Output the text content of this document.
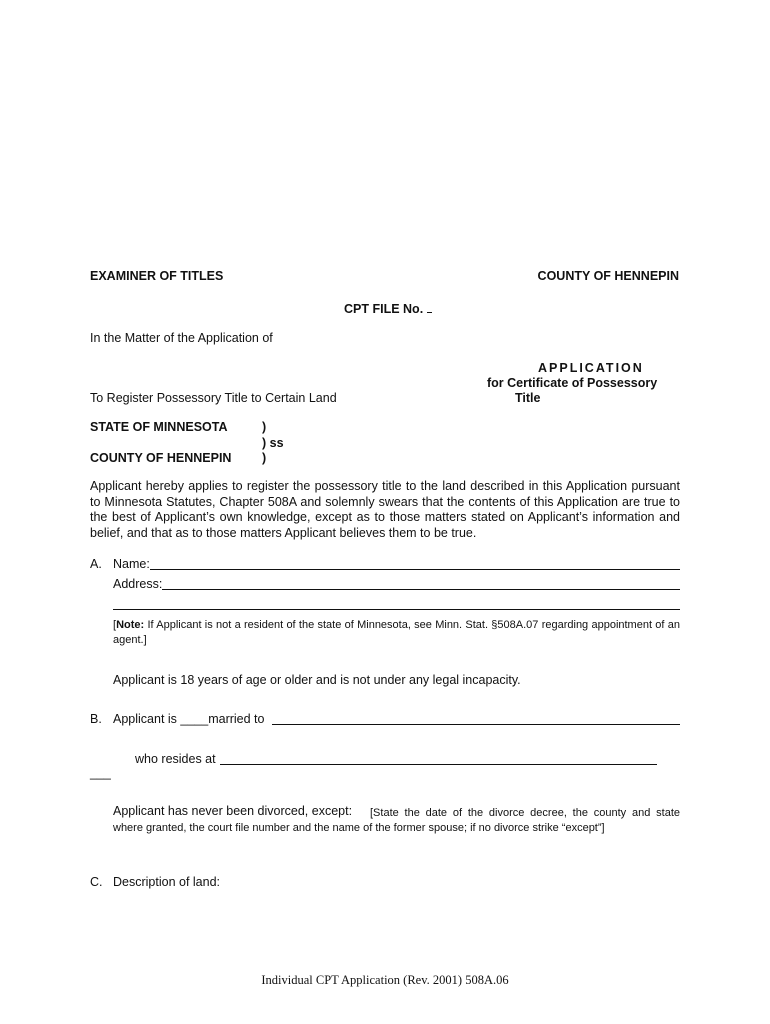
EXAMINER OF TITLES	COUNTY OF HENNEPIN
CPT FILE No.
In the Matter of the Application of
APPLICATION
for Certificate of Possessory
Title
To Register Possessory Title to Certain Land
STATE OF MINNESOTA	)
) ss
COUNTY OF HENNEPIN )
Applicant hereby applies to register the possessory title to the land described in this Application pursuant to Minnesota Statutes, Chapter 508A and solemnly swears that the contents of this Application are true to the best of Applicant’s own knowledge, except as to those matters stated on Applicant’s information and belief, and that as to those matters Applicant believes them to be true.
A. Name:
Address:
[Note: If Applicant is not a resident of the state of Minnesota, see Minn. Stat. §508A.07 regarding appointment of an agent.]
Applicant is 18 years of age or older and is not under any legal incapacity.
B. Applicant is ____married to
who resides at
___
Applicant has never been divorced, except:	[State the date of the divorce decree, the county and state where granted, the court file number and the name of the former spouse; if no divorce strike “except”]
C. Description of land:
Individual CPT Application (Rev. 2001) 508A.06
